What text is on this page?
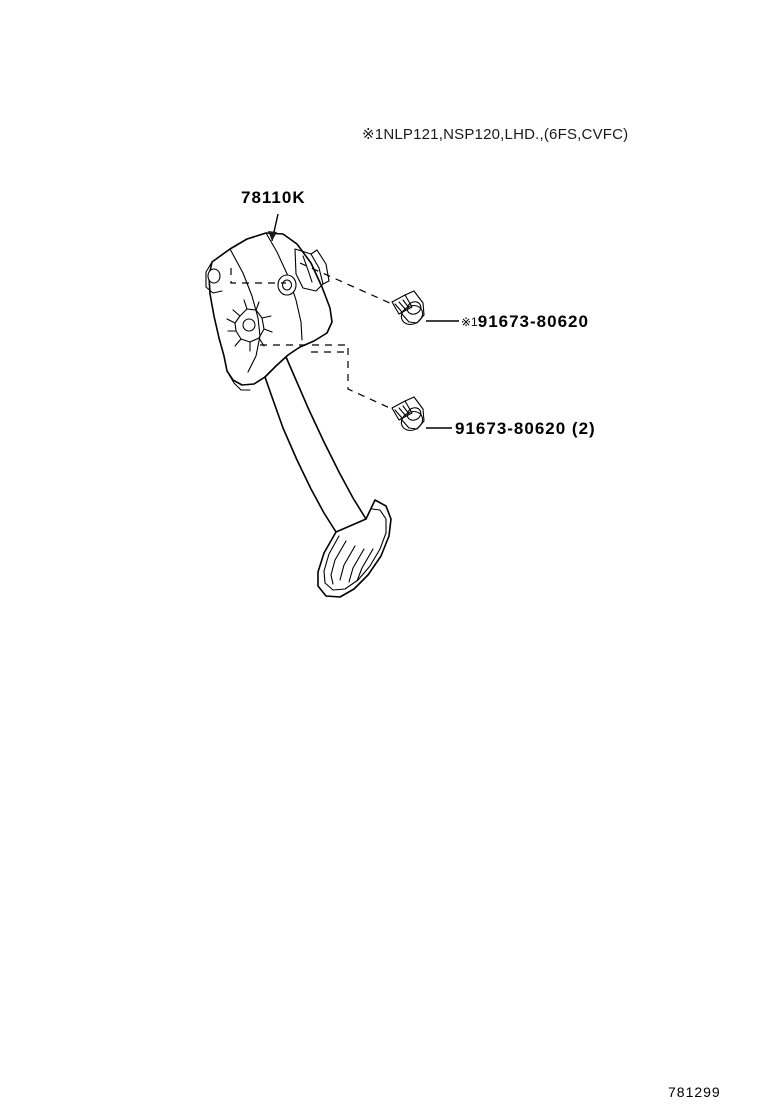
※1NLP121,NSP120,LHD.,(6FS,CVFC)
78110K
※191673-80620
91673-80620 (2)
781299
